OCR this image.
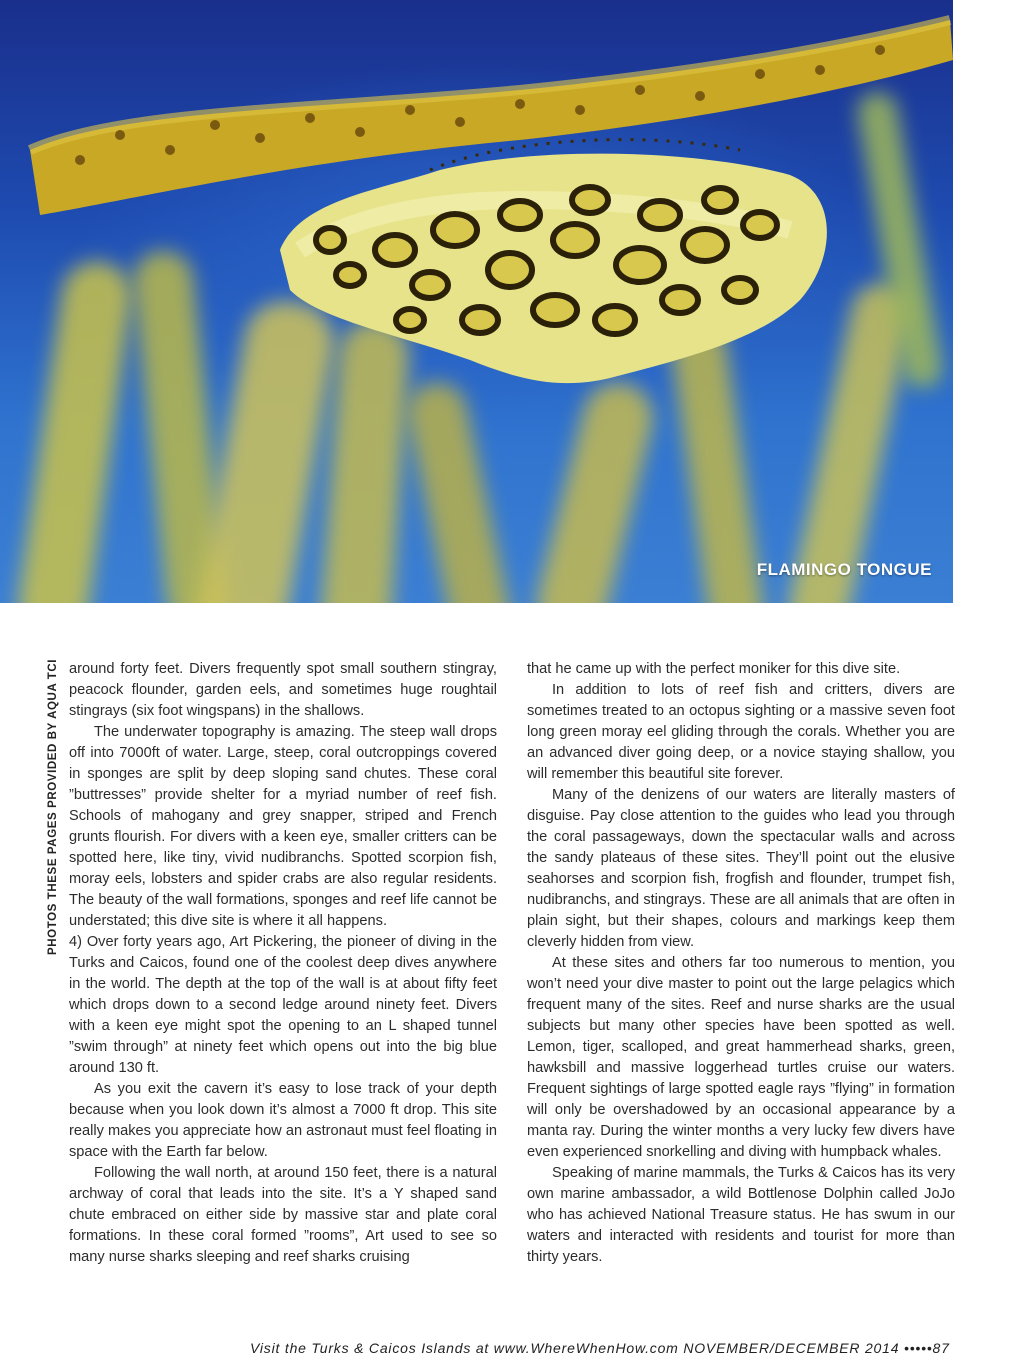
FLAMINGO TONGUE
PHOTOS THESE PAGES PROVIDED BY AQUA TCI around forty feet. Divers frequently spot small southern stingray, peacock flounder, garden eels, and sometimes huge roughtail stingrays (six foot wingspans) in the shallows.

The underwater topography is amazing. The steep wall drops off into 7000ft of water. Large, steep, coral outcroppings covered in sponges are split by deep sloping sand chutes. These coral ”buttresses” provide shelter for a myriad number of reef fish. Schools of mahogany and grey snapper, striped and French grunts flourish. For divers with a keen eye, smaller critters can be spotted here, like tiny, vivid nudibranchs. Spotted scorpion fish, moray eels, lobsters and spider crabs are also regular residents. The beauty of the wall formations, sponges and reef life cannot be understated; this dive site is where it all happens.

4) Over forty years ago, Art Pickering, the pioneer of diving in the Turks and Caicos, found one of the coolest deep dives anywhere in the world. The depth at the top of the wall is at about fifty feet which drops down to a second ledge around ninety feet. Divers with a keen eye might spot the opening to an L shaped tunnel ”swim through” at ninety feet which opens out into the big blue around 130 ft.

As you exit the cavern it’s easy to lose track of your depth because when you look down it’s almost a 7000 ft drop. This site really makes you appreciate how an astronaut must feel floating in space with the Earth far below.

Following the wall north, at around 150 feet, there is a natural archway of coral that leads into the site. It’s a Y shaped sand chute embraced on either side by massive star and plate coral formations. In these coral formed ”rooms”, Art used to see so many nurse sharks sleeping and reef sharks cruising

that he came up with the perfect moniker for this dive site.

In addition to lots of reef fish and critters, divers are sometimes treated to an octopus sighting or a massive seven foot long green moray eel gliding through the corals. Whether you are an advanced diver going deep, or a novice staying shallow, you will remember this beautiful site forever.

Many of the denizens of our waters are literally masters of disguise. Pay close attention to the guides who lead you through the coral passageways, down the spectacular walls and across the sandy plateaus of these sites. They’ll point out the elusive seahorses and scorpion fish, frogfish and flounder, trumpet fish, nudibranchs, and stingrays. These are all animals that are often in plain sight, but their shapes, colours and markings keep them cleverly hidden from view.

At these sites and others far too numerous to mention, you won’t need your dive master to point out the large pelagics which frequent many of the sites. Reef and nurse sharks are the usual subjects but many other species have been spotted as well. Lemon, tiger, scalloped, and great hammerhead sharks, green, hawksbill and massive loggerhead turtles cruise our waters. Frequent sightings of large spotted eagle rays ”flying” in formation will only be overshadowed by an occasional appearance by a manta ray. During the winter months a very lucky few divers have even experienced snorkelling and diving with humpback whales.

Speaking of marine mammals, the Turks & Caicos has its very own marine ambassador, a wild Bottlenose Dolphin called JoJo who has achieved National Treasure status. He has swum in our waters and interacted with residents and tourist for more than thirty years.

Visit the Turks & Caicos Islands at www.WhereWhenHow.com NOVEMBER/DECEMBER 2014 •••••87
